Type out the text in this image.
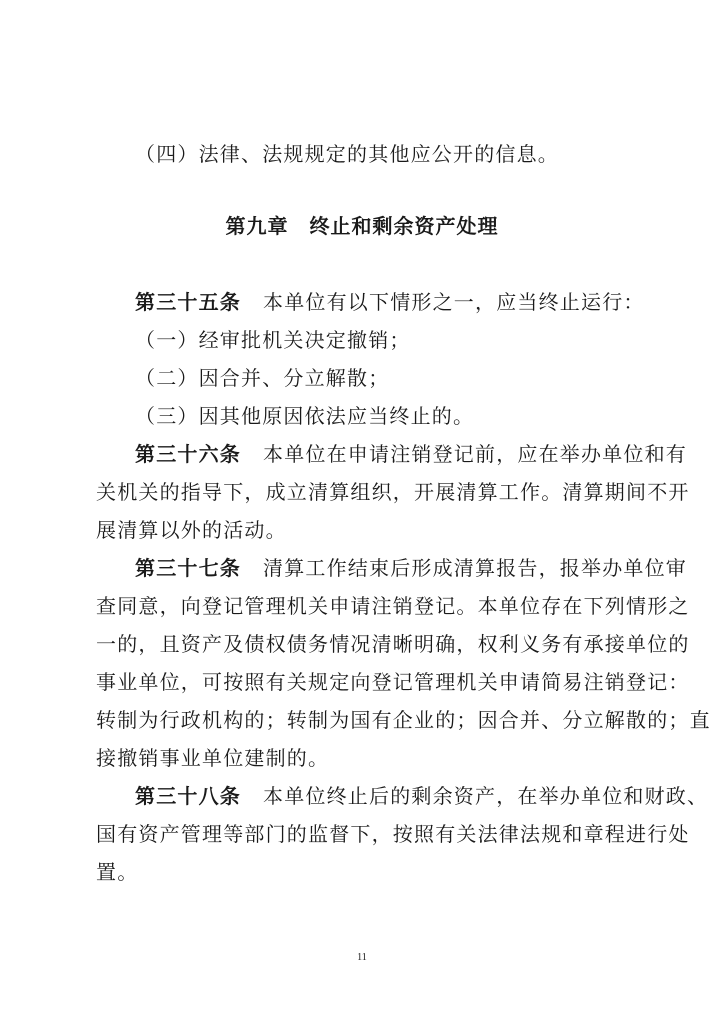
（四）法律、法规规定的其他应公开的信息。
第九章　终止和剩余资产处理
第三十五条 本单位有以下情形之一，应当终止运行：
（一）经审批机关决定撤销；
（二）因合并、分立解散；
（三）因其他原因依法应当终止的。
第三十六条 本单位在申请注销登记前，应在举办单位和有
关机关的指导下，成立清算组织，开展清算工作。清算期间不开
展清算以外的活动。
第三十七条 清算工作结束后形成清算报告，报举办单位审
查同意，向登记管理机关申请注销登记。本单位存在下列情形之
一的，且资产及债权债务情况清晰明确，权利义务有承接单位的
事业单位，可按照有关规定向登记管理机关申请简易注销登记：
转制为行政机构的；转制为国有企业的；因合并、分立解散的；直
接撤销事业单位建制的。
第三十八条 本单位终止后的剩余资产，在举办单位和财政、
国有资产管理等部门的监督下，按照有关法律法规和章程进行处
置。
11
